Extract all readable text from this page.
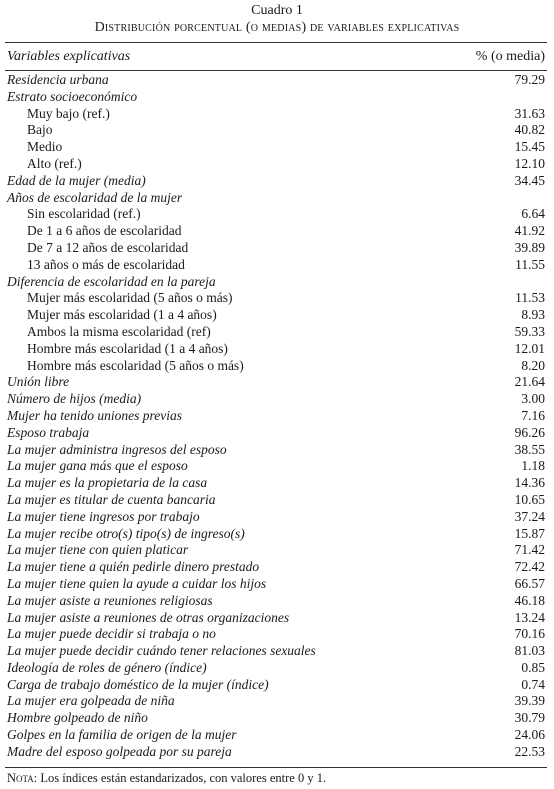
Cuadro 1
Distribución porcentual (o medias) de variables explicativas
Variables explicativas	% (o media)
Residencia urbana	79.29
Estrato socioeconómico
Muy bajo (ref.)	31.63
Bajo	40.82
Medio	15.45
Alto (ref.)	12.10
Edad de la mujer (media)	34.45
Años de escolaridad de la mujer
Sin escolaridad (ref.)	6.64
De 1 a 6 años de escolaridad	41.92
De 7 a 12 años de escolaridad	39.89
13 años o más de escolaridad	11.55
Diferencia de escolaridad en la pareja
Mujer más escolaridad (5 años o más)	11.53
Mujer más escolaridad (1 a 4 años)	8.93
Ambos la misma escolaridad (ref)	59.33
Hombre más escolaridad (1 a 4 años)	12.01
Hombre más escolaridad (5 años o más)	8.20
Unión libre	21.64
Número de hijos (media)	3.00
Mujer ha tenido uniones previas	7.16
Esposo trabaja	96.26
La mujer administra ingresos del esposo	38.55
La mujer gana más que el esposo	1.18
La mujer es la propietaria de la casa	14.36
La mujer es titular de cuenta bancaria	10.65
La mujer tiene ingresos por trabajo	37.24
La mujer recibe otro(s) tipo(s) de ingreso(s)	15.87
La mujer tiene con quien platicar	71.42
La mujer tiene a quién pedirle dinero prestado	72.42
La mujer tiene quien la ayude a cuidar los hijos	66.57
La mujer asiste a reuniones religiosas	46.18
La mujer asiste a reuniones de otras organizaciones	13.24
La mujer puede decidir si trabaja o no	70.16
La mujer puede decidir cuándo tener relaciones sexuales	81.03
Ideología de roles de género (índice)	0.85
Carga de trabajo doméstico de la mujer (índice)	0.74
La mujer era golpeada de niña	39.39
Hombre golpeado de niño	30.79
Golpes en la familia de origen de la mujer	24.06
Madre del esposo golpeada por su pareja	22.53
Nota: Los índices están estandarizados, con valores entre 0 y 1.
